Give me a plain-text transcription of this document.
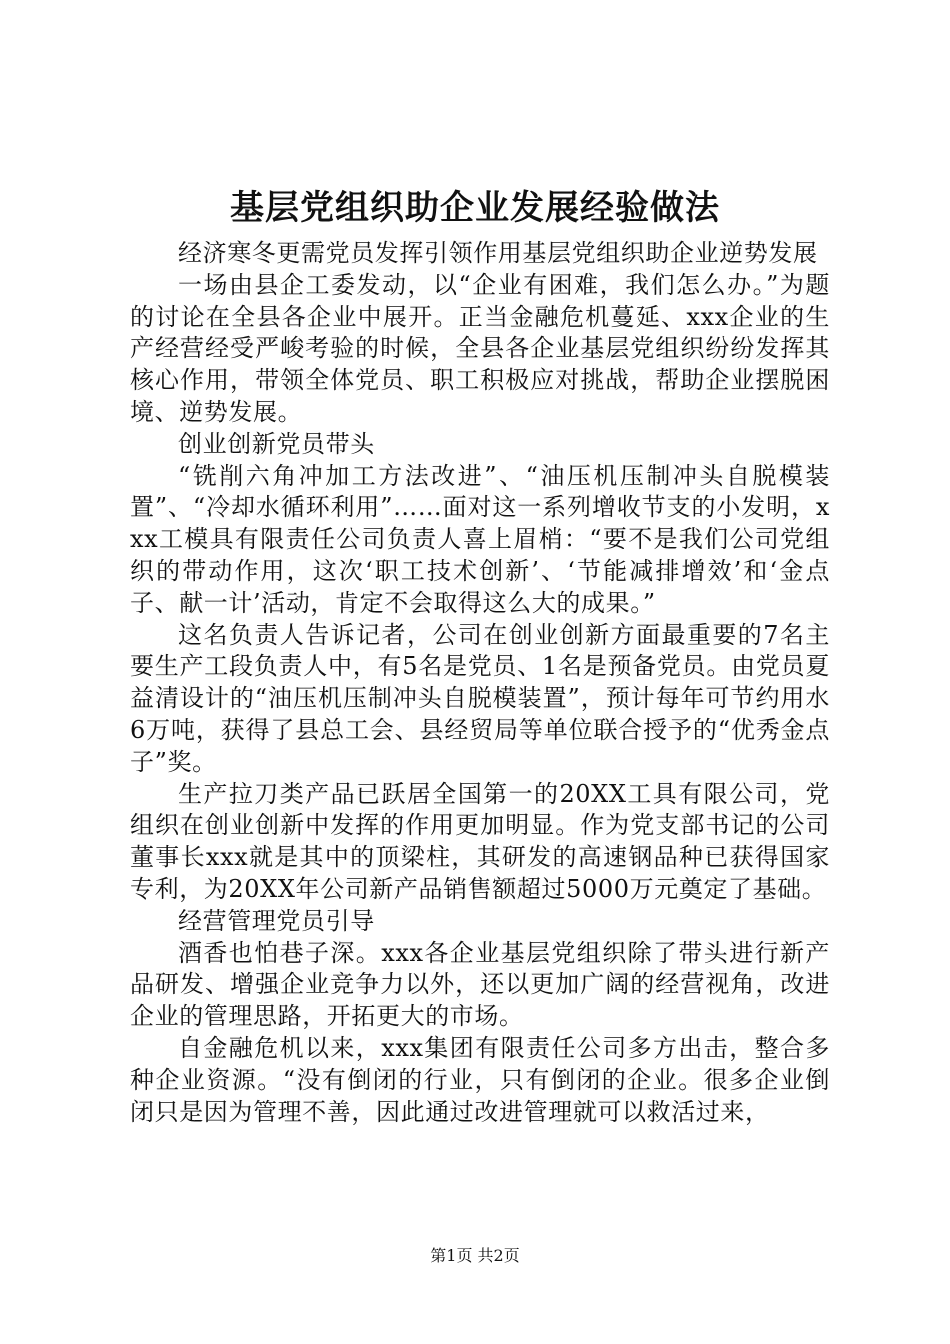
基层党组织助企业发展经验做法

经济寒冬更需党员发挥引领作用基层党组织助企业逆势发展

一场由县企工委发动，以“企业有困难，我们怎么办。”为题的讨论在全县各企业中展开。正当金融危机蔓延、xxx企业的生产经营经受严峻考验的时候，全县各企业基层党组织纷纷发挥其核心作用，带领全体党员、职工积极应对挑战，帮助企业摆脱困境、逆势发展。

创业创新党员带头

“铣削六角冲加工方法改进”、“油压机压制冲头自脱模装置”、“冷却水循环利用”……面对这一系列增收节支的小发明，xxx工模具有限责任公司负责人喜上眉梢：“要不是我们公司党组织的带动作用，这次‘职工技术创新’、‘节能减排增效’和‘金点子、献一计’活动，肯定不会取得这么大的成果。”

这名负责人告诉记者，公司在创业创新方面最重要的7名主要生产工段负责人中，有5名是党员、1名是预备党员。由党员夏益清设计的“油压机压制冲头自脱模装置”，预计每年可节约用水6万吨，获得了县总工会、县经贸局等单位联合授予的“优秀金点子”奖。

生产拉刀类产品已跃居全国第一的20XX工具有限公司，党组织在创业创新中发挥的作用更加明显。作为党支部书记的公司董事长xxx就是其中的顶梁柱，其研发的高速钢品种已获得国家专利，为20XX年公司新产品销售额超过5000万元奠定了基础。

经营管理党员引导

酒香也怕巷子深。xxx各企业基层党组织除了带头进行新产品研发、增强企业竞争力以外，还以更加广阔的经营视角，改进企业的管理思路，开拓更大的市场。

自金融危机以来，xxx集团有限责任公司多方出击，整合多种企业资源。“没有倒闭的行业，只有倒闭的企业。很多企业倒闭只是因为管理不善，因此通过改进管理就可以救活过来，

第1页 共2页
